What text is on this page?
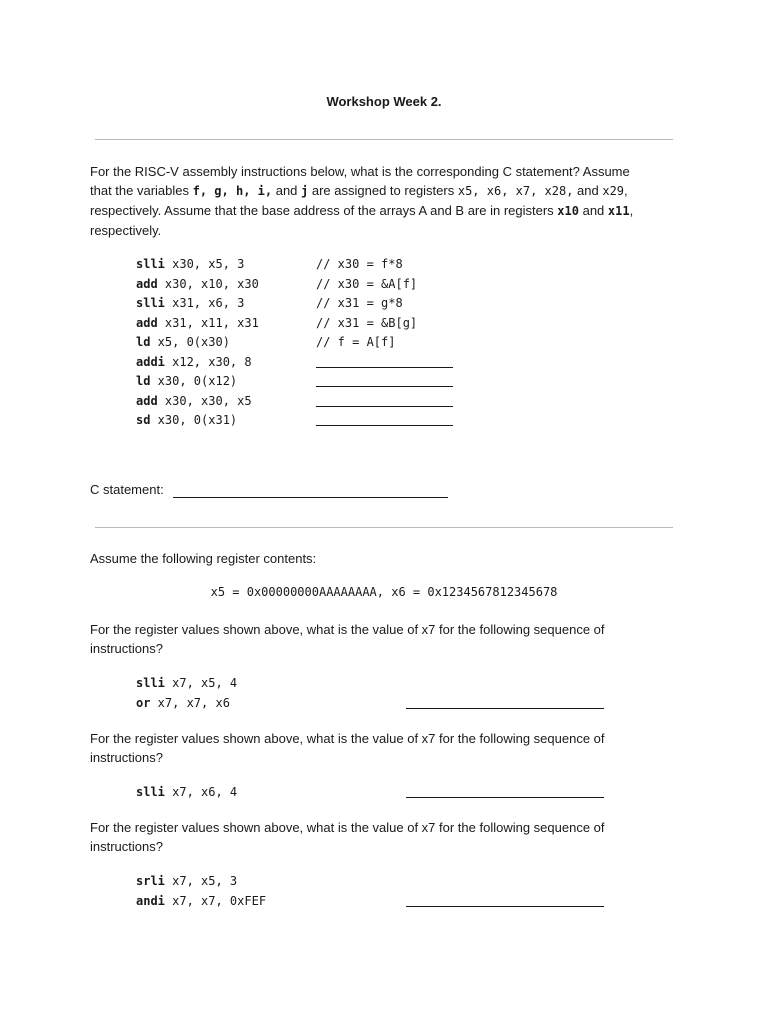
Workshop Week 2.
For the RISC-V assembly instructions below, what is the corresponding C statement? Assume
that the variables f, g, h, i, and j are assigned to registers x5, x6, x7, x28, and x29,
respectively. Assume that the base address of the arrays A and B are in registers x10 and x11,
respectively.
slli x30, x5, 3	// x30 = f*8
add x30, x10, x30	// x30 = &A[f]
slli x31, x6, 3	// x31 = g*8
add x31, x11, x31	// x31 = &B[g]
ld x5, 0(x30)	// f = A[f]
addi x12, x30, 8
ld x30, 0(x12)
add x30, x30, x5
sd x30, 0(x31)
C statement:
Assume the following register contents:
x5 = 0x00000000AAAAAAAA, x6 = 0x1234567812345678
For the register values shown above, what is the value of x7 for the following sequence of
instructions?
slli x7, x5, 4
or x7, x7, x6
For the register values shown above, what is the value of x7 for the following sequence of
instructions?
slli x7, x6, 4
For the register values shown above, what is the value of x7 for the following sequence of
instructions?
srli x7, x5, 3
andi x7, x7, 0xFEF
